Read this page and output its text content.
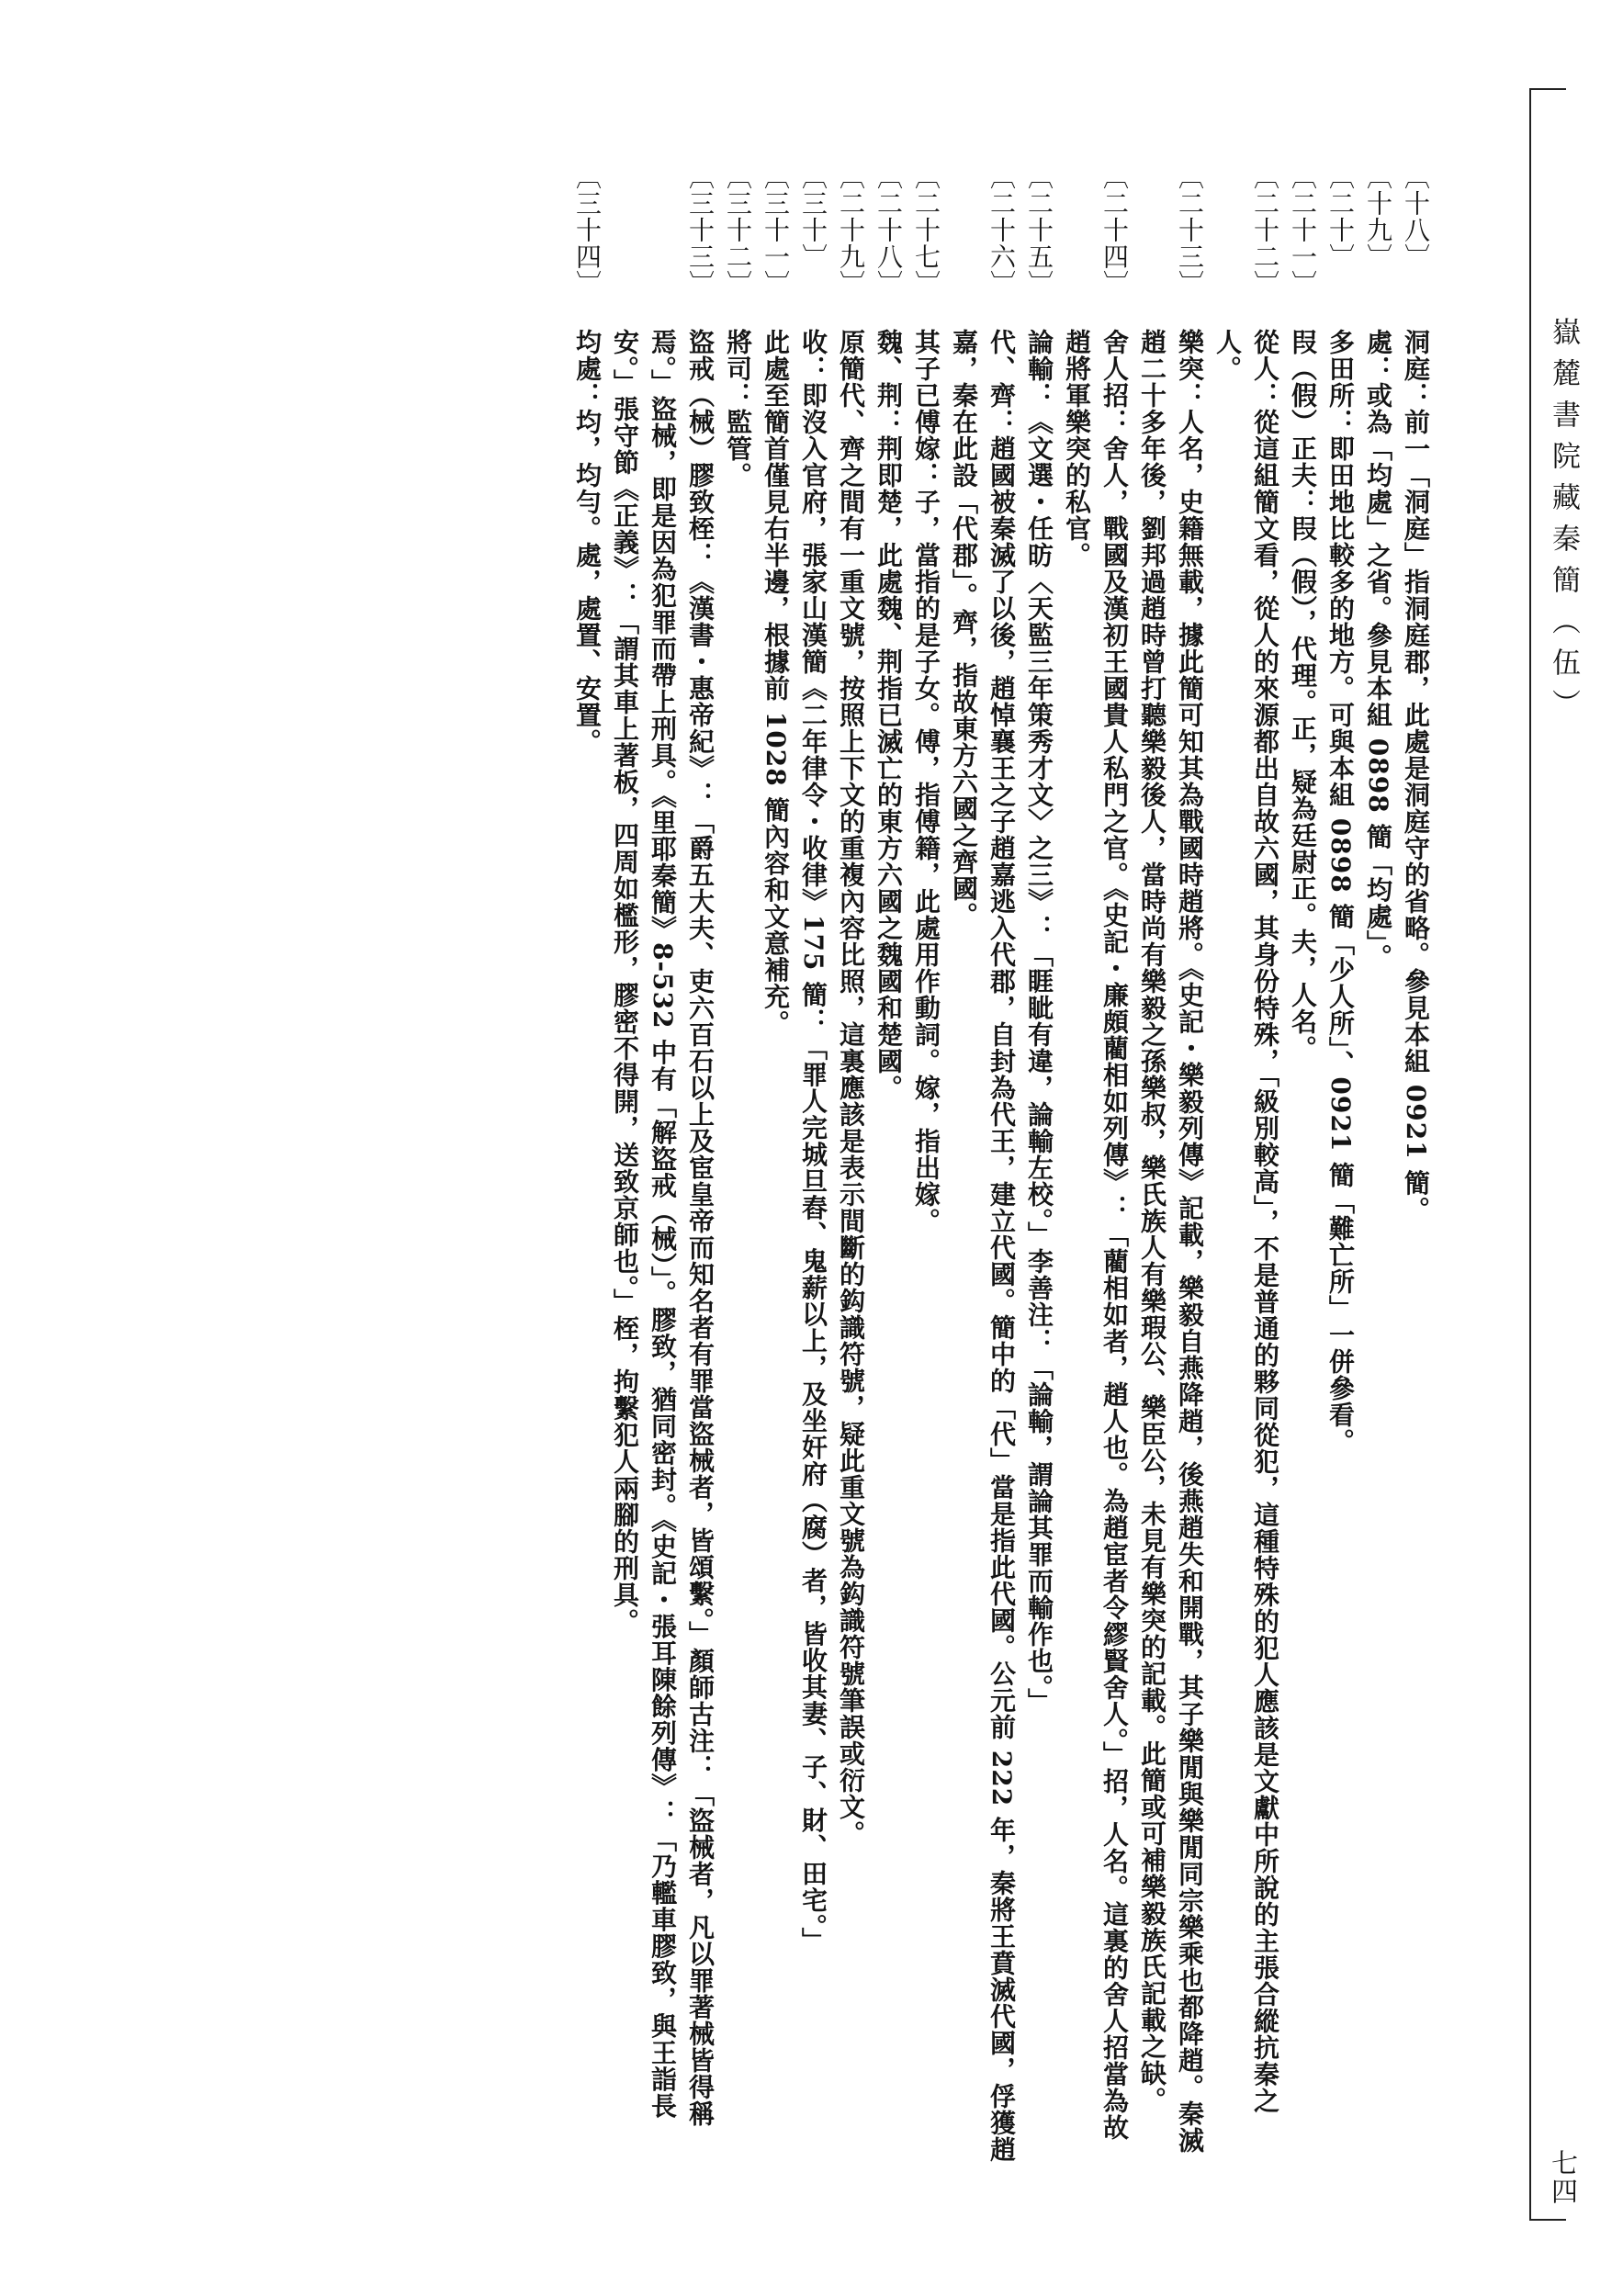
嶽麓書院藏秦簡（伍）
七四
〔十八〕
洞庭：前一「洞庭」指洞庭郡，此處是洞庭守的省略。參見本組 0921 簡。
〔十九〕
處：或為「均處」之省。參見本組 0898 簡「均處」。
〔二十〕
多田所：即田地比較多的地方。可與本組 0898 簡「少人所」、0921 簡「難亡所」一併參看。
〔二十一〕
叚（假）正夫：叚（假），代理。正，疑為廷尉正。夫，人名。
〔二十二〕
從人：從這組簡文看，從人的來源都出自故六國，其身份特殊，「級別較高」，不是普通的夥同從犯，這種特殊的犯人應該是文獻中所說的主張合縱抗秦之人。
〔二十三〕
樂突：人名，史籍無載，據此簡可知其為戰國時趙將。《史記・樂毅列傳》記載，樂毅自燕降趙，後燕趙失和開戰，其子樂閒與樂閒同宗樂乘也都降趙。秦滅趙二十多年後，劉邦過趙時曾打聽樂毅後人，當時尚有樂毅之孫樂叔，樂氏族人有樂瑕公、樂臣公，未見有樂突的記載。此簡或可補樂毅族氏記載之缺。
〔二十四〕
舍人招：舍人，戰國及漢初王國貴人私門之官。《史記・廉頗藺相如列傳》：「藺相如者，趙人也。為趙宦者令繆賢舍人。」招，人名。這裏的舍人招當為故趙將軍樂突的私官。
〔二十五〕
論輸：《文選・任昉〈天監三年策秀才文〉之三》：「睚眦有違，論輸左校。」李善注：「論輸，謂論其罪而輸作也。」
〔二十六〕
代、齊：趙國被秦滅了以後，趙悼襄王之子趙嘉逃入代郡，自封為代王，建立代國。簡中的「代」當是指此代國。公元前 222 年，秦將王賁滅代國，俘獲趙嘉，秦在此設「代郡」。齊，指故東方六國之齊國。
〔二十七〕
其子已傅嫁：子，當指的是子女。傅，指傅籍，此處用作動詞。嫁，指出嫁。
〔二十八〕
魏、荆：荆即楚，此處魏、荆指已滅亡的東方六國之魏國和楚國。
〔二十九〕
原簡代、齊之間有一重文號，按照上下文的重複內容比照，這裏應該是表示間斷的鈎識符號，疑此重文號為鈎識符號筆誤或衍文。
〔三十〕
收：即沒入官府，張家山漢簡《二年律令・收律》175 簡：「罪人完城旦舂、鬼薪以上，及坐奸府（腐）者，皆收其妻、子、財、田宅。」
〔三十一〕
此處至簡首僅見右半邊，根據前 1028 簡內容和文意補充。
〔三十二〕
將司：監管。
〔三十三〕
盜戒（械）膠致桎：《漢書・惠帝紀》：「爵五大夫、吏六百石以上及宦皇帝而知名者有罪當盜械者，皆頌繫。」顏師古注：「盜械者，凡以罪著械皆得稱焉。」盜械，即是因為犯罪而帶上刑具。《里耶秦簡》8-532 中有「解盜戒（械）」。膠致，猶同密封。《史記・張耳陳餘列傳》：「乃轞車膠致，與王詣長安。」張守節《正義》：「謂其車上著板，四周如檻形，膠密不得開，送致京師也。」桎，拘繫犯人兩腳的刑具。
〔三十四〕
均處：均，均勻。處，處置、安置。
